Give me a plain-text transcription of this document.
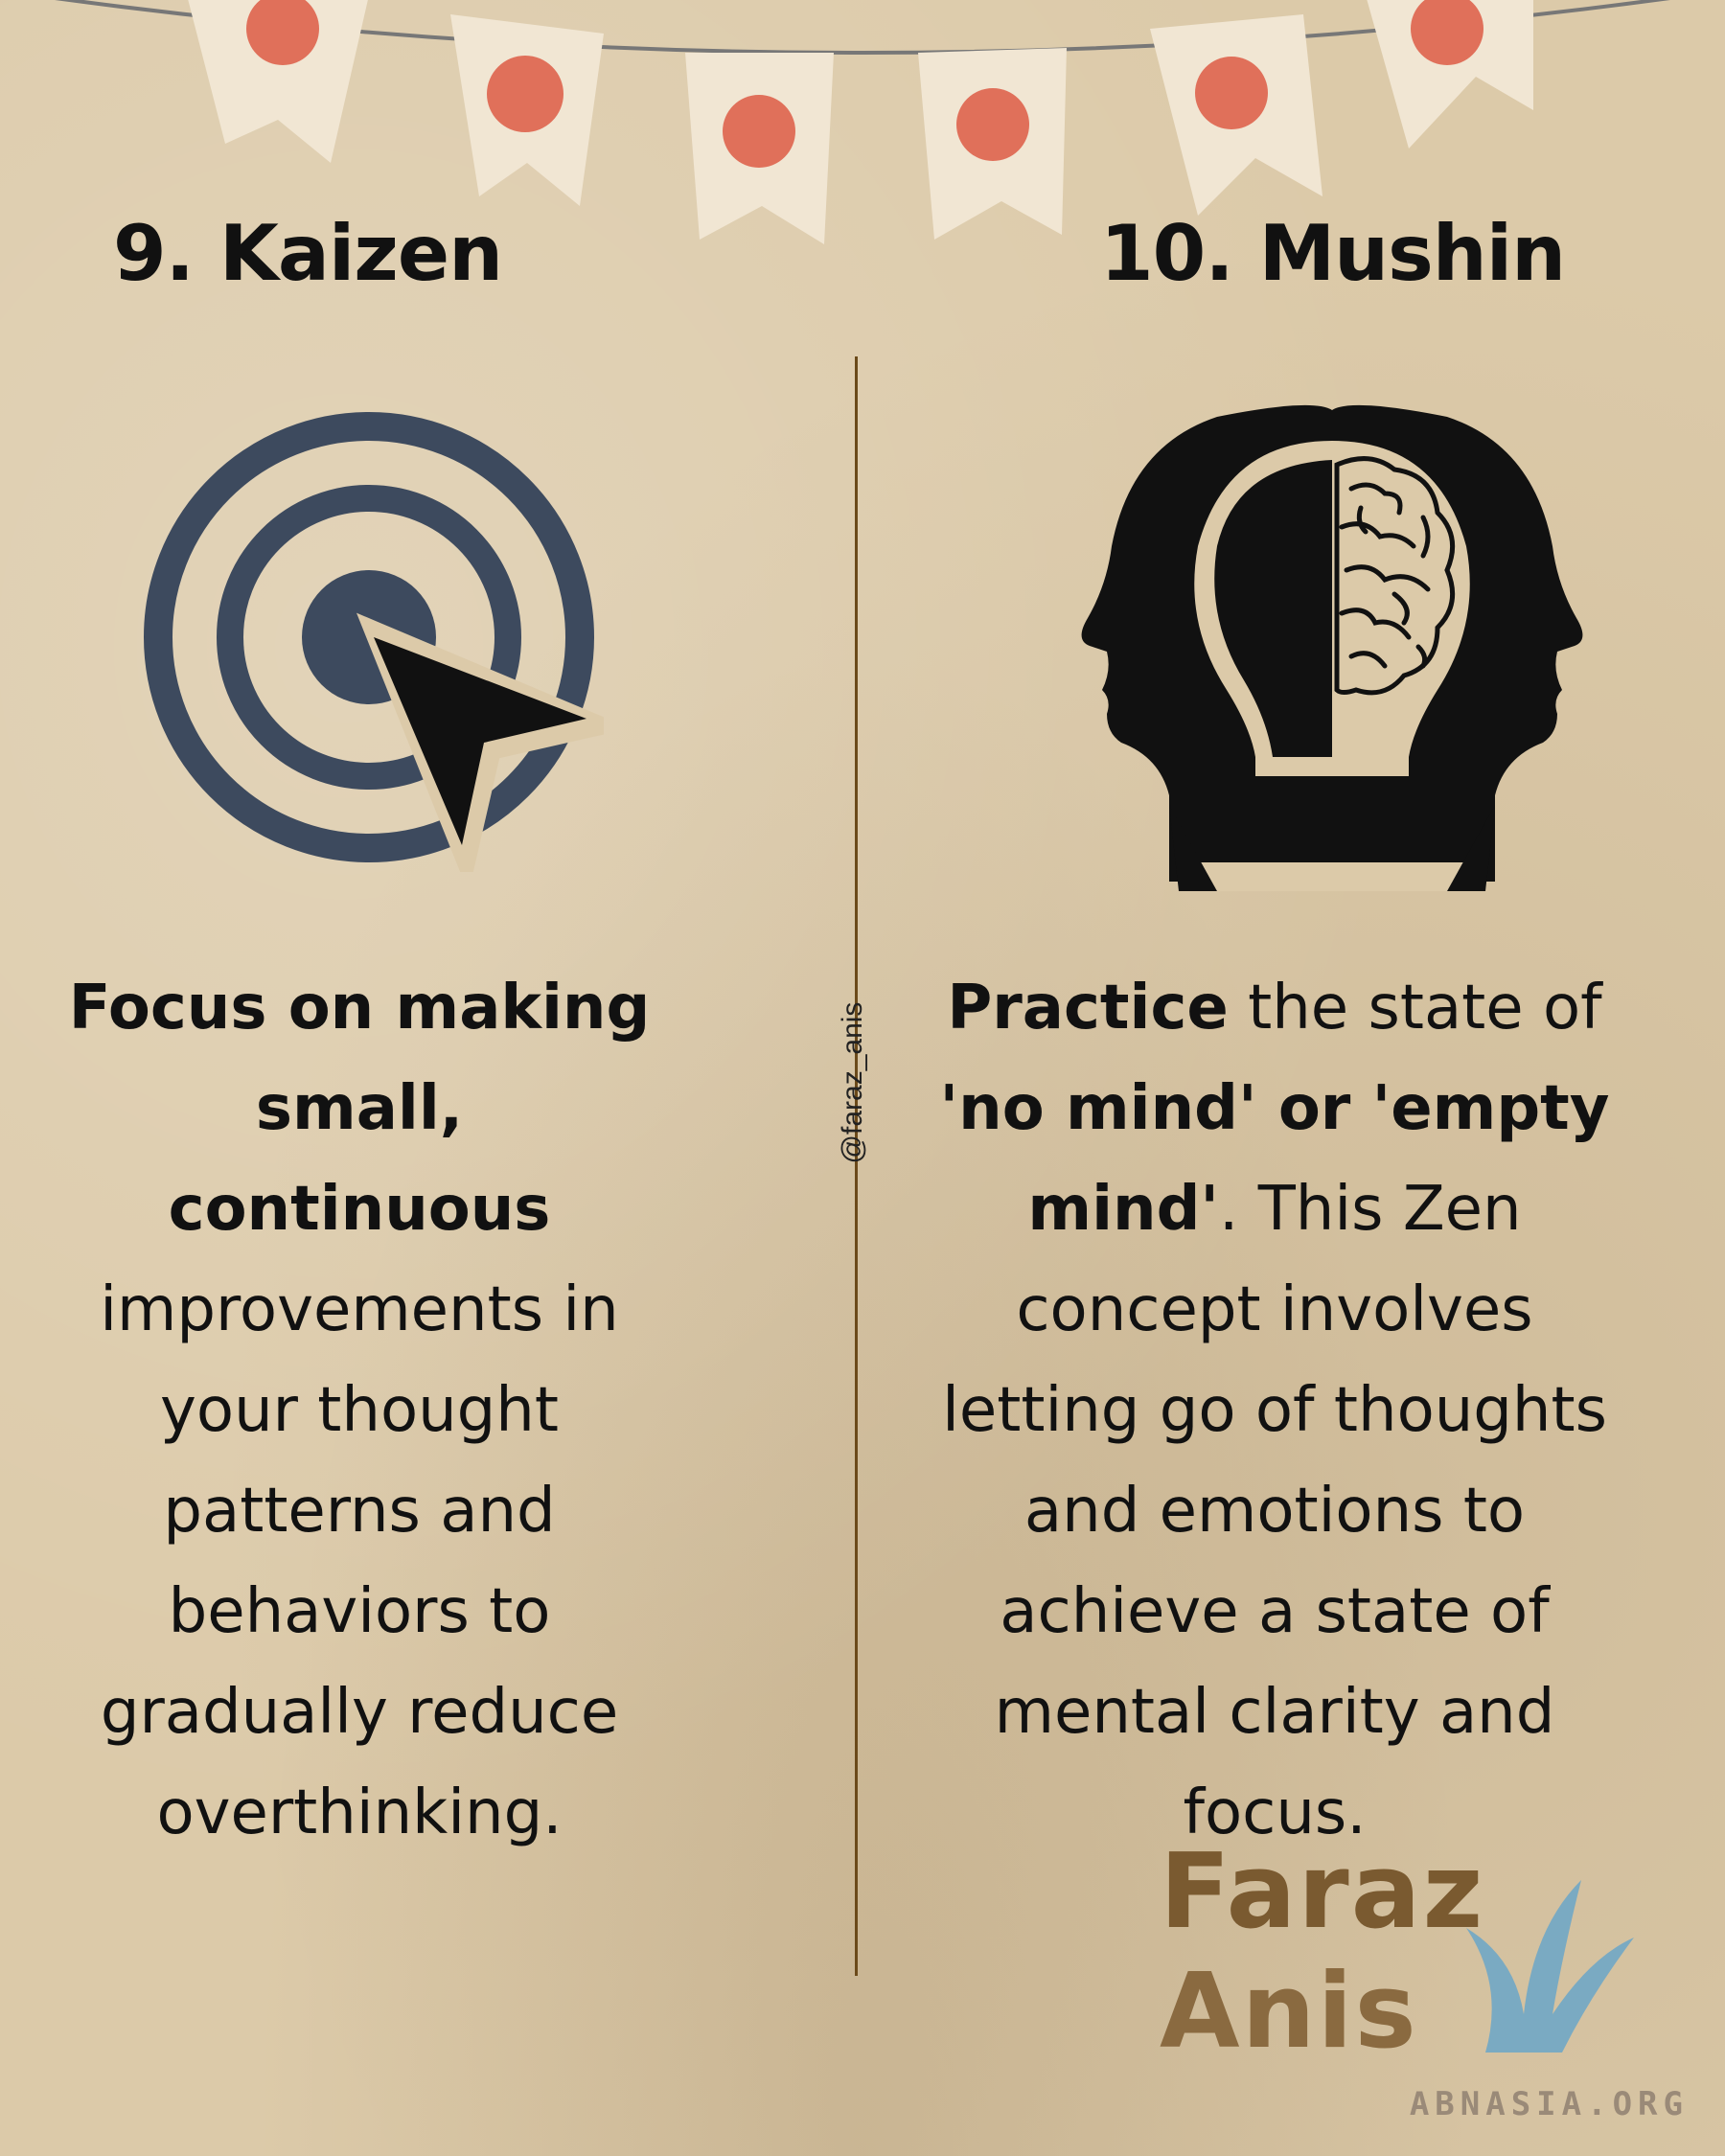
9. Kaizen	10. Mushin
@faraz_anis
Focus on making small, continuous improvements in your thought patterns and behaviors to gradually reduce overthinking.
Practice the state of 'no mind' or 'empty mind'. This Zen concept involves letting go of thoughts and emotions to achieve a state of mental clarity and focus.
Faraz Anis
ABNASIA.ORG
